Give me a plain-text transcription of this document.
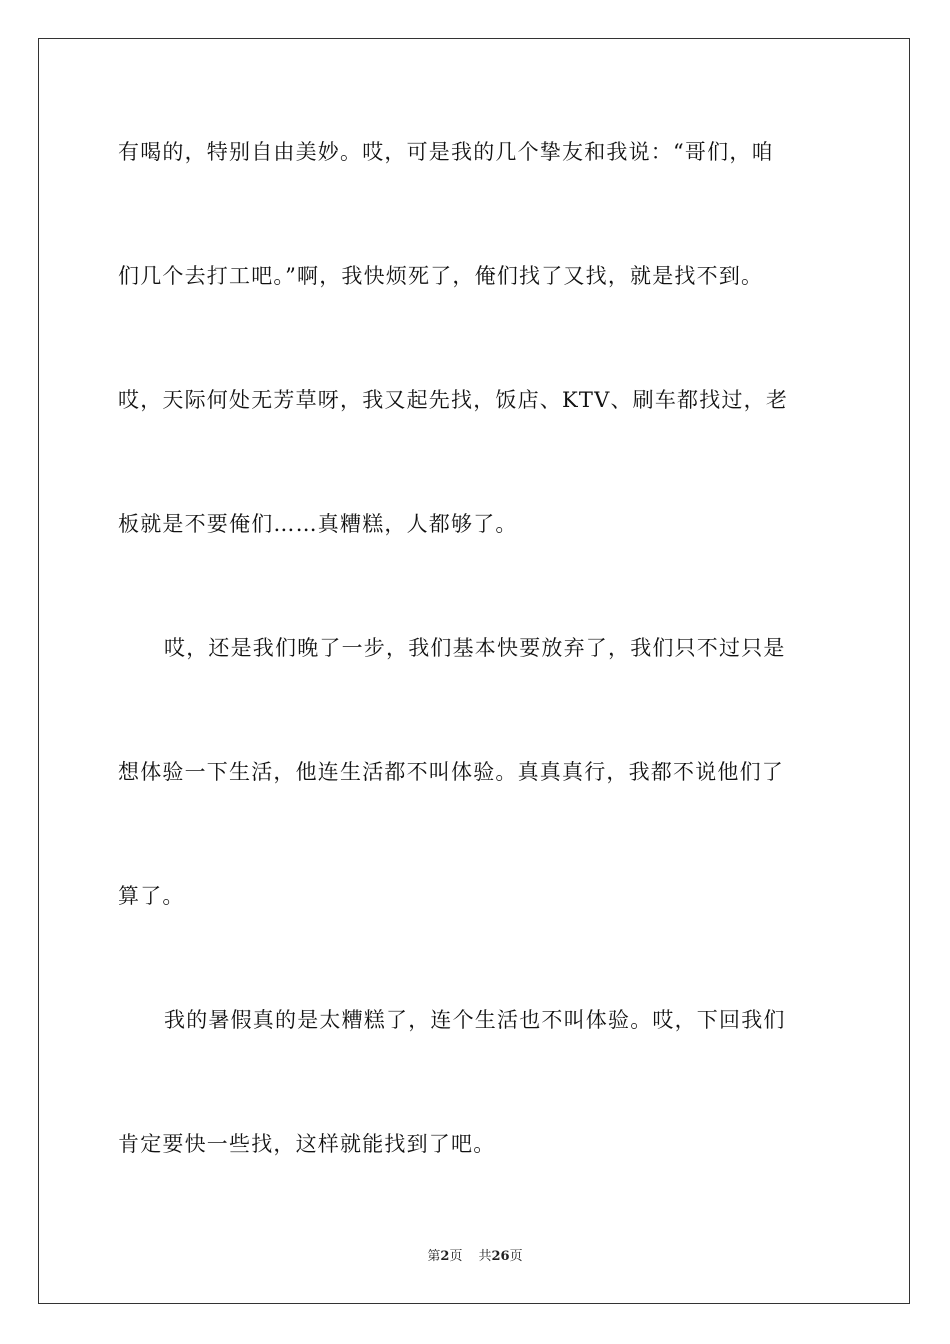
有喝的，特别自由美妙。哎，可是我的几个挚友和我说：“哥们，咱
们几个去打工吧。”啊，我快烦死了，俺们找了又找，就是找不到。
哎，天际何处无芳草呀，我又起先找，饭店、KTV、刷车都找过，老
板就是不要俺们……真糟糕，人都够了。
哎，还是我们晚了一步，我们基本快要放弃了，我们只不过只是
想体验一下生活，他连生活都不叫体验。真真真行，我都不说他们了
算了。
我的暑假真的是太糟糕了，连个生活也不叫体验。哎，下回我们
肯定要快一些找，这样就能找到了吧。
第2页 共26页
